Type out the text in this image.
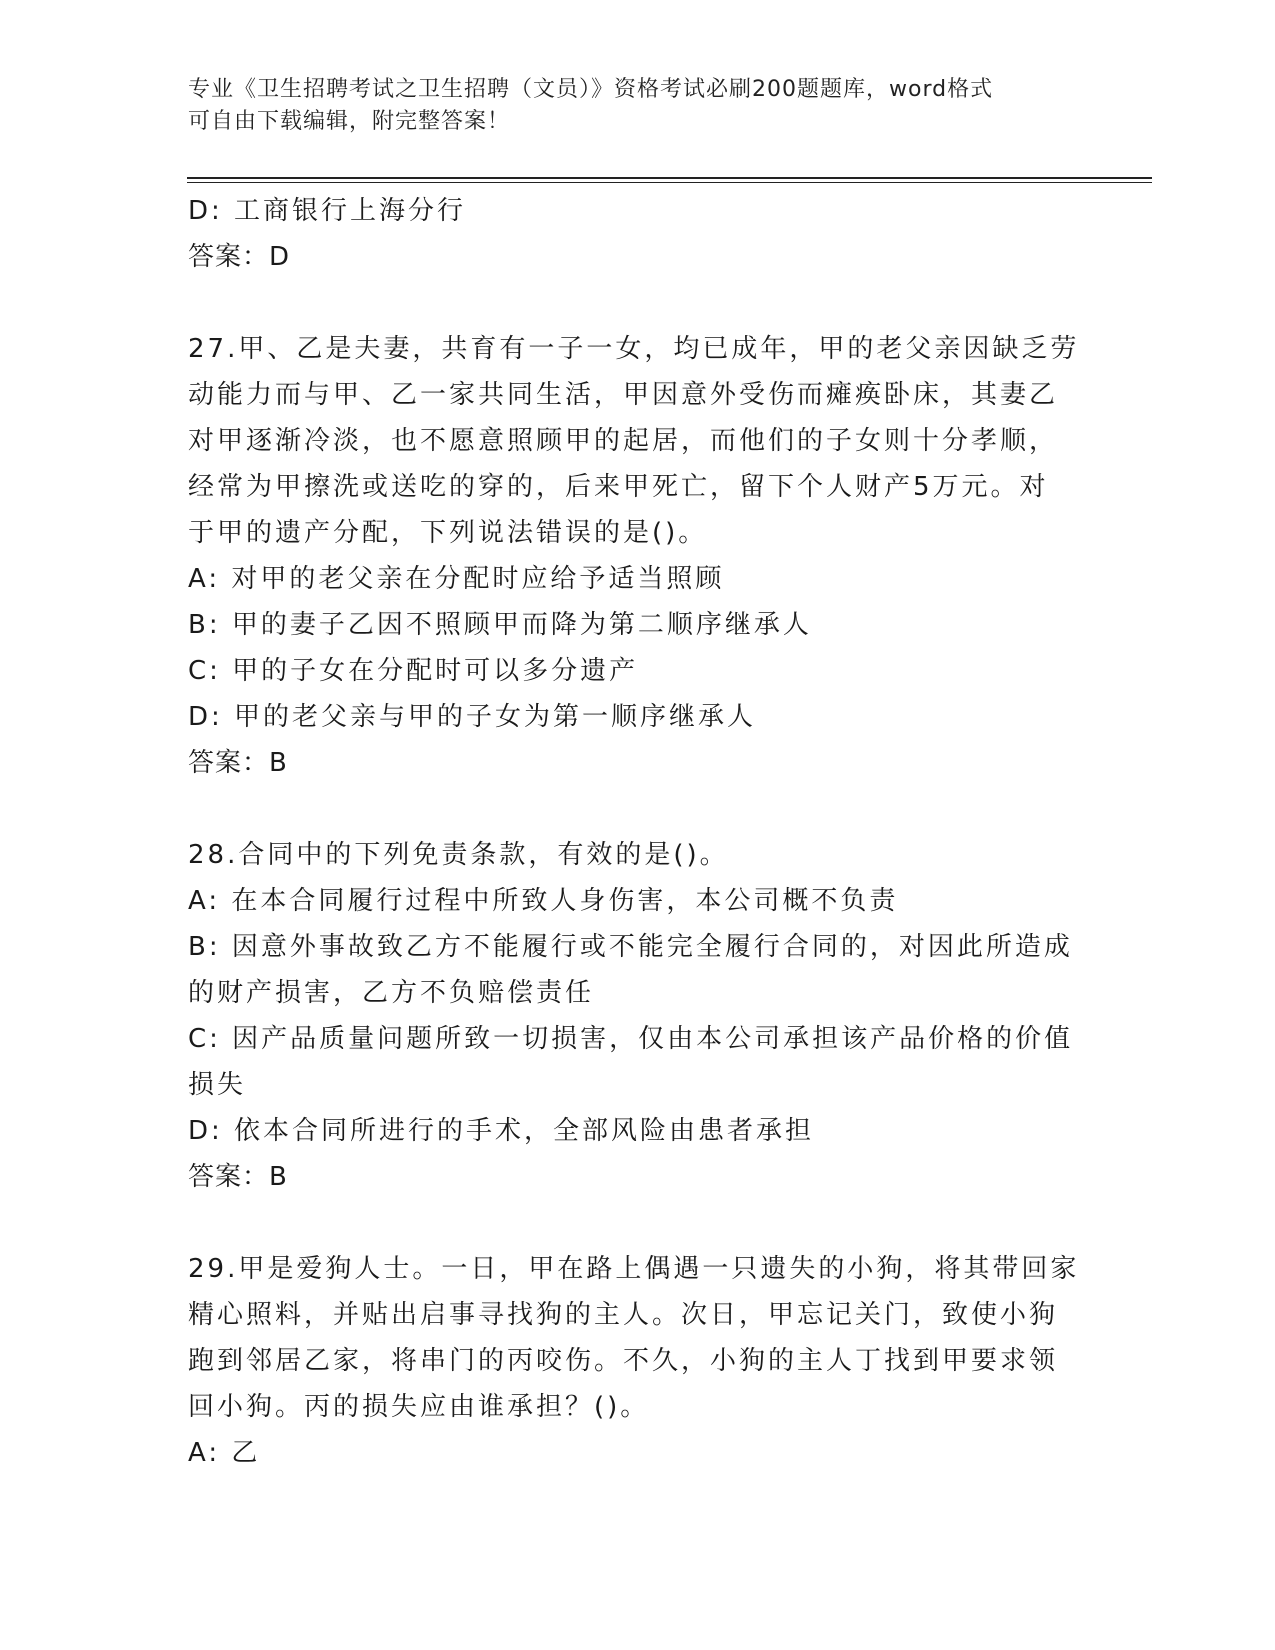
专业《卫生招聘考试之卫生招聘（文员）》资格考试必刷200题题库，word格式
可自由下载编辑，附完整答案！
D: 工商银行上海分行
答案：D
27.甲、乙是夫妻，共育有一子一女，均已成年，甲的老父亲因缺乏劳
动能力而与甲、乙一家共同生活，甲因意外受伤而瘫痪卧床，其妻乙
对甲逐渐冷淡，也不愿意照顾甲的起居，而他们的子女则十分孝顺，
经常为甲擦洗或送吃的穿的，后来甲死亡，留下个人财产5万元。对
于甲的遗产分配，下列说法错误的是()。
A: 对甲的老父亲在分配时应给予适当照顾
B: 甲的妻子乙因不照顾甲而降为第二顺序继承人
C: 甲的子女在分配时可以多分遗产
D: 甲的老父亲与甲的子女为第一顺序继承人
答案：B
28.合同中的下列免责条款，有效的是()。
A: 在本合同履行过程中所致人身伤害，本公司概不负责
B: 因意外事故致乙方不能履行或不能完全履行合同的，对因此所造成
的财产损害，乙方不负赔偿责任
C: 因产品质量问题所致一切损害，仅由本公司承担该产品价格的价值
损失
D: 依本合同所进行的手术，全部风险由患者承担
答案：B
29.甲是爱狗人士。一日，甲在路上偶遇一只遗失的小狗，将其带回家
精心照料，并贴出启事寻找狗的主人。次日，甲忘记关门，致使小狗
跑到邻居乙家，将串门的丙咬伤。不久，小狗的主人丁找到甲要求领
回小狗。丙的损失应由谁承担？()。
A: 乙
